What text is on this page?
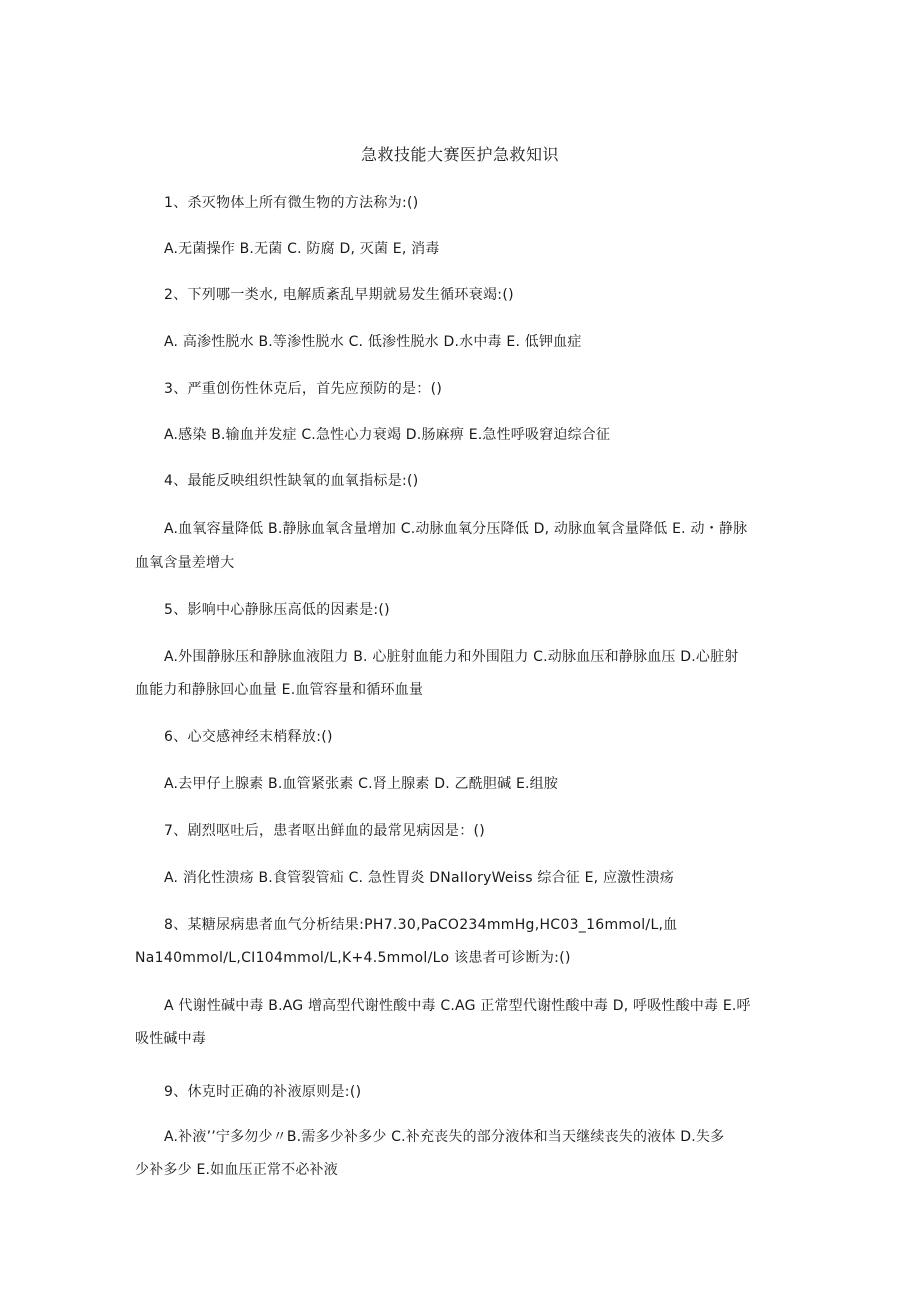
急救技能大赛医护急救知识
1、杀灭物体上所有微生物的方法称为:()
A.无菌操作 B.无菌 C. 防腐 D, 灭菌 E, 消毒
2、下列哪一类水, 电解质紊乱早期就易发生循环衰竭:()
A. 高渗性脱水 B.等渗性脱水 C. 低渗性脱水 D.水中毒 E. 低钾血症
3、严重创伤性休克后，首先应预防的是：()
A.感染 B.输血并发症 C.急性心力衰竭 D.肠麻痹 E.急性呼吸窘迫综合征
4、最能反映组织性缺氧的血氧指标是:()
A.血氧容量降低 B.静脉血氧含量增加 C.动脉血氧分压降低 D, 动脉血氧含量降低 E. 动・静脉
血氧含量差增大
5、影响中心静脉压高低的因素是:()
A.外围静脉压和静脉血液阻力 B. 心脏射血能力和外围阻力 C.动脉血压和静脉血压 D.心脏射
血能力和静脉回心血量 E.血管容量和循环血量
6、心交感神经末梢释放:()
A.去甲仔上腺素 B.血管紧张素 C.肾上腺素 D. 乙酰胆碱 E.组胺
7、剧烈呕吐后，患者呕出鲜血的最常见病因是：()
A. 消化性溃疡 B.食管裂管疝 C. 急性胃炎 DNaIIoryWeiss 综合征 E, 应激性溃疡
8、某糖尿病患者血气分析结果:PH7.30,PaCO234mmHg,HC03_16mmol∕L,血
Na140mmol∕L,CI104mmol∕L,K+4.5mmol∕Lo 该患者可诊断为:()
A 代谢性碱中毒 B.AG 增高型代谢性酸中毒 C.AG 正常型代谢性酸中毒 D, 呼吸性酸中毒 E.呼
吸性碱中毒
9、休克时正确的补液原则是:()
A.补液’’宁多勿少〃B.需多少补多少 C.补充丧失的部分液体和当天继续丧失的液体 D.失多
少补多少 E.如血压正常不必补液
